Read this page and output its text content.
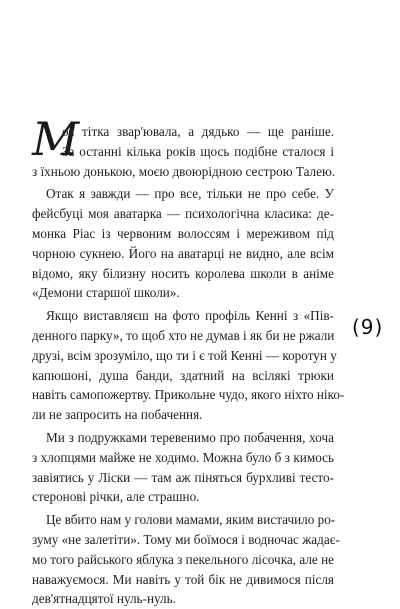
М
оя тітка звар'ювала, а дядько — ще раніше.
За останні кілька років щось подібне сталося і
з їхньою донькою, моєю двоюрідною сестрою Талею.
Отак я завжди — про все, тільки не про себе. У
фейсбуці моя аватарка — психологічна класика: де-
монка Ріас із червоним волоссям і мереживом під
чорною сукнею. Його на аватарці не видно, але всім
відомо, яку білизну носить королева школи в аніме
«Демони старшої школи».
Якщо виставляєш на фото профіль Кенні з «Пів-
денного парку», то щоб хто не думав і як би не ржали
друзі, всім зрозуміло, що ти і є той Кенні — коротун у
капюшоні, душа банди, здатний на всілякі трюки
навіть самопожертву. Прикольне чудо, якого ніхто ніко-
ли не запросить на побачення.
Ми з подружками теревенимо про побачення, хоча
з хлопцями майже не ходимо. Можна було б з кимось
завіятись у Ліски — там аж піняться бурхливі тесто-
стеронові річки, але страшно.
Це вбито нам у голови мамами, яким вистачило ро-
зуму «не залетіти». Тому ми боїмося і водночас жадає-
мо того райського яблука з пекельного лісочка, але не
наважуємося. Ми навіть у той бік не дивимося після
дев'ятнадцятої нуль-нуль.
(9)
